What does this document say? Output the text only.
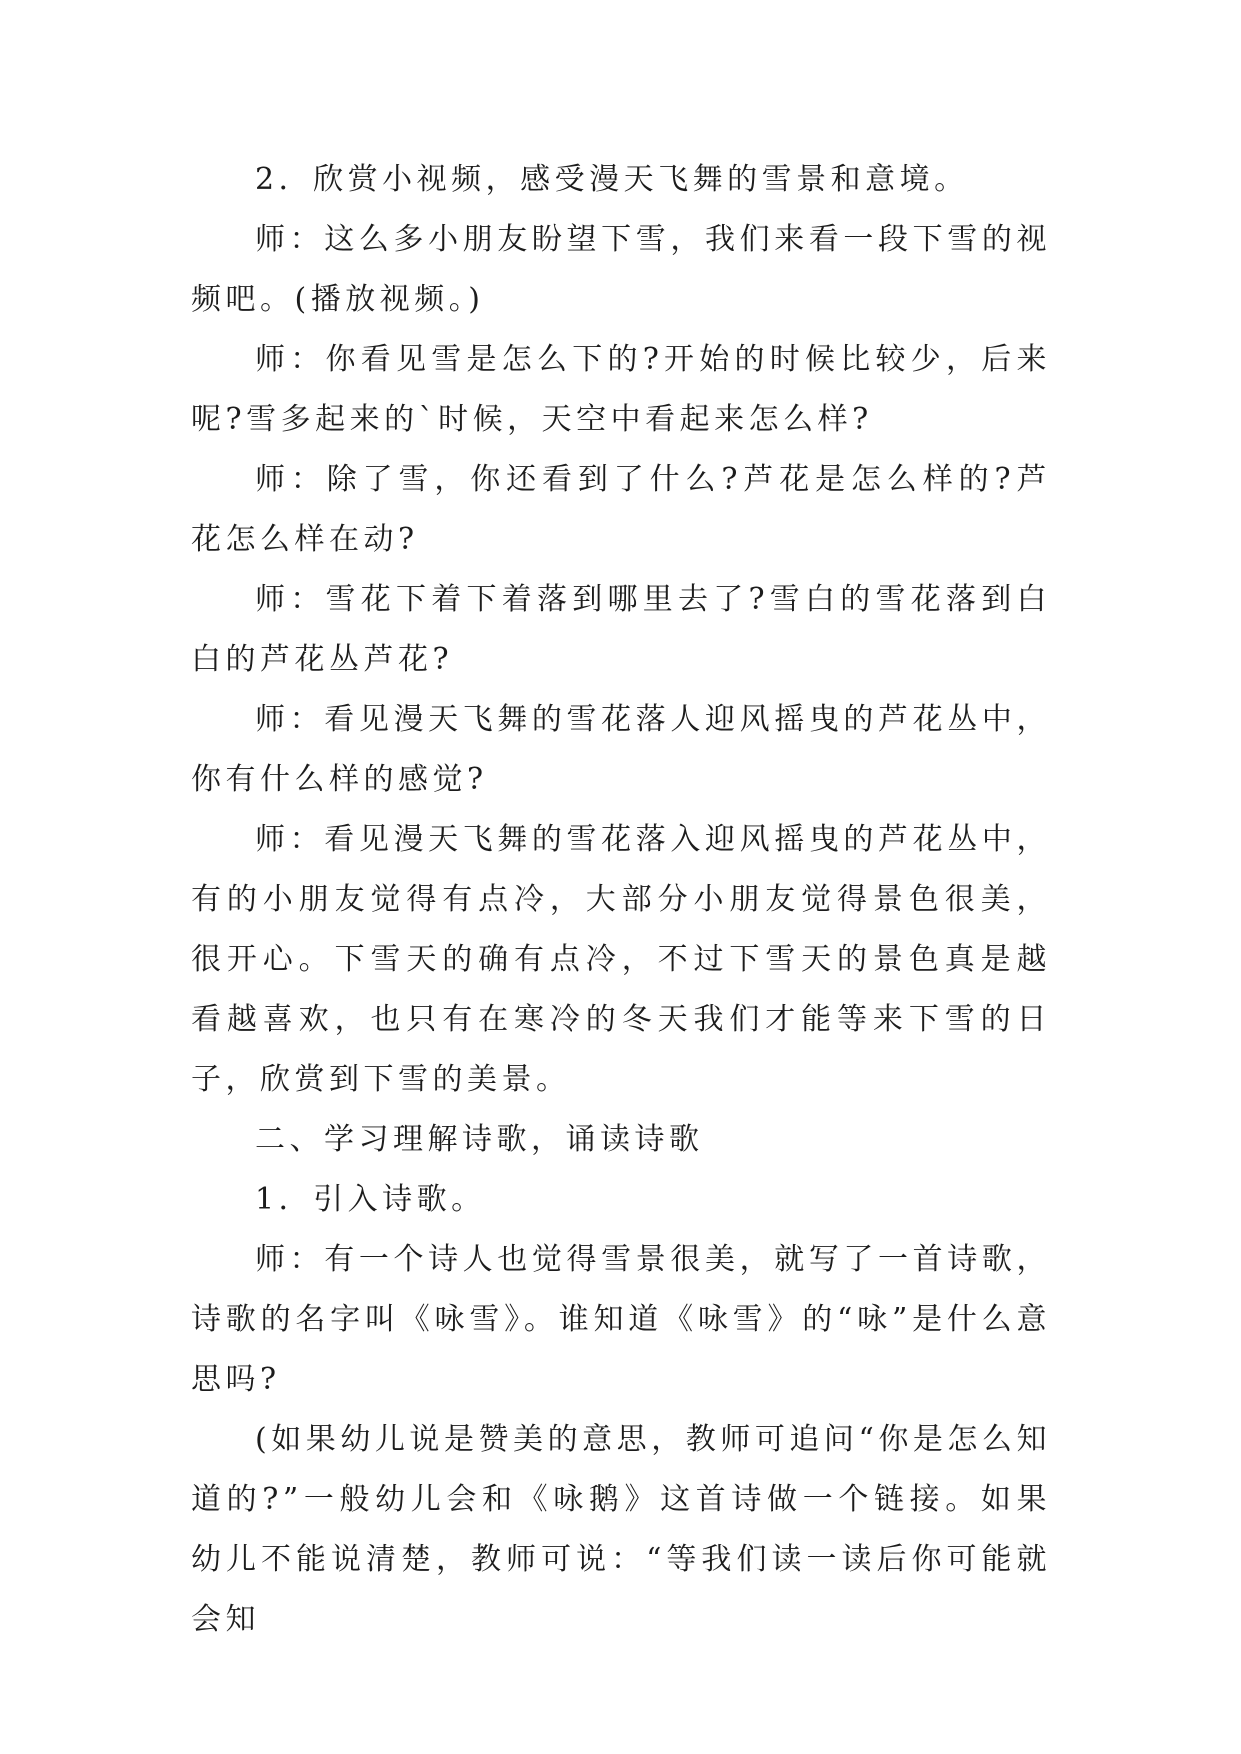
2．欣赏小视频，感受漫天飞舞的雪景和意境。

师：这么多小朋友盼望下雪，我们来看一段下雪的视频吧。(播放视频。)

师：你看见雪是怎么下的?开始的时候比较少，后来呢?雪多起来的`时候，天空中看起来怎么样?

师：除了雪，你还看到了什么?芦花是怎么样的?芦花怎么样在动?

师：雪花下着下着落到哪里去了?雪白的雪花落到白白的芦花丛芦花?

师：看见漫天飞舞的雪花落人迎风摇曳的芦花丛中，你有什么样的感觉?

师：看见漫天飞舞的雪花落入迎风摇曳的芦花丛中，有的小朋友觉得有点冷，大部分小朋友觉得景色很美，很开心。下雪天的确有点冷，不过下雪天的景色真是越看越喜欢，也只有在寒冷的冬天我们才能等来下雪的日子，欣赏到下雪的美景。

二、学习理解诗歌，诵读诗歌

1．引入诗歌。

师：有一个诗人也觉得雪景很美，就写了一首诗歌，诗歌的名字叫《咏雪》。谁知道《咏雪》的“咏”是什么意思吗?

(如果幼儿说是赞美的意思，教师可追问“你是怎么知道的?”一般幼儿会和《咏鹅》这首诗做一个链接。如果幼儿不能说清楚，教师可说：“等我们读一读后你可能就会知
